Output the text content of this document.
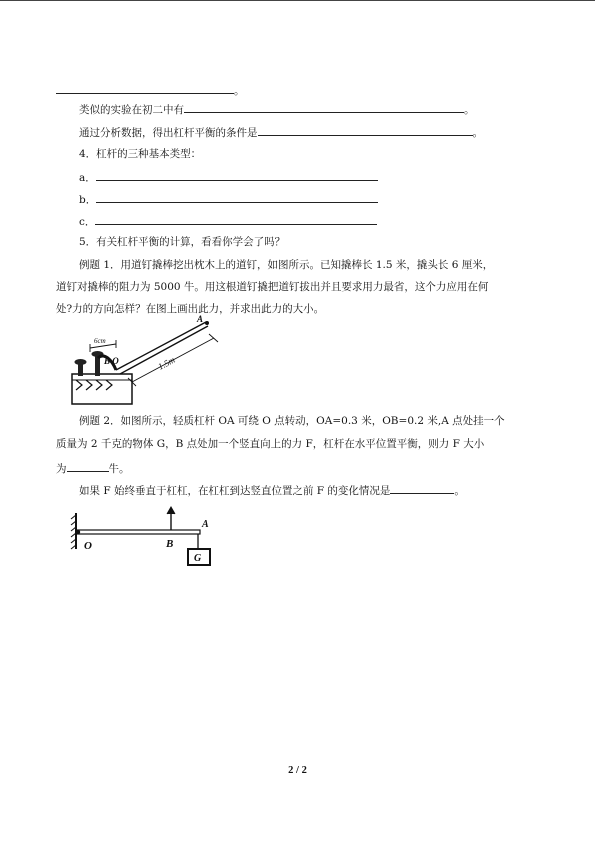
。
类似的实验在初二中有	。
通过分析数据，得出杠杆平衡的条件是	。
4．杠杆的三种基本类型：
a．
b．
c．
5．有关杠杆平衡的计算，看看你学会了吗？
例题 1．用道钉撬棒挖出枕木上的道钉，如图所示。已知撬棒长 1.5 米，撬头长 6 厘米，
道钉对撬棒的阻力为 5000 牛。用这根道钉撬把道钉拔出并且要求用力最省，这个力应用在何
处?力的方向怎样？在图上画出此力，并求出此力的大小。
A
B O
6cm
1.5m
例题 2．如图所示，轻质杠杆 OA 可绕 O 点转动，OA=0.3 米，OB=0.2 米,A 点处挂一个
质量为 2 千克的物体 G，B 点处加一个竖直向上的力 F，杠杆在水平位置平衡，则力 F 大小
为	牛。
如果 F 始终垂直于杠杠，在杠杠到达竖直位置之前 F 的变化情况是	。
O	B
A
G
2 / 2
